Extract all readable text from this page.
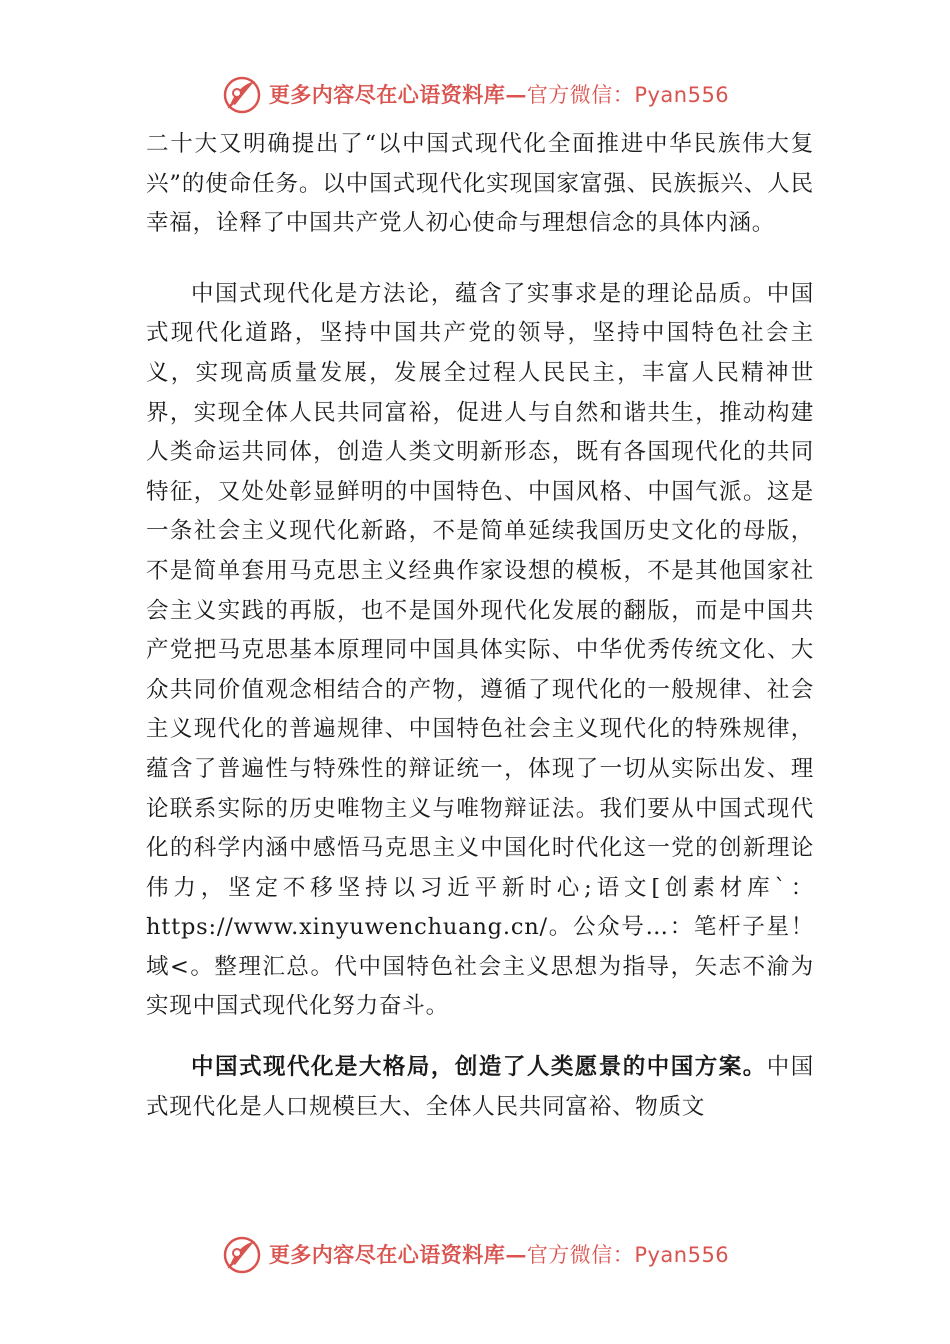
更多内容尽在心语资料库—官方微信：Pyan556

二十大又明确提出了“以中国式现代化全面推进中华民族伟大复兴”的使命任务。以中国式现代化实现国家富强、民族振兴、人民幸福，诠释了中国共产党人初心使命与理想信念的具体内涵。

中国式现代化是方法论，蕴含了实事求是的理论品质。中国式现代化道路，坚持中国共产党的领导，坚持中国特色社会主义，实现高质量发展，发展全过程人民民主，丰富人民精神世界，实现全体人民共同富裕，促进人与自然和谐共生，推动构建人类命运共同体，创造人类文明新形态，既有各国现代化的共同特征，又处处彰显鲜明的中国特色、中国风格、中国气派。这是一条社会主义现代化新路，不是简单延续我国历史文化的母版，不是简单套用马克思主义经典作家设想的模板，不是其他国家社会主义实践的再版，也不是国外现代化发展的翻版，而是中国共产党把马克思基本原理同中国具体实际、中华优秀传统文化、大众共同价值观念相结合的产物，遵循了现代化的一般规律、社会主义现代化的普遍规律、中国特色社会主义现代化的特殊规律，蕴含了普遍性与特殊性的辩证统一，体现了一切从实际出发、理论联系实际的历史唯物主义与唯物辩证法。我们要从中国式现代化的科学内涵中感悟马克思主义中国化时代化这一党的创新理论伟力，坚定不移坚持以习近平新时心;语文[创素材库`：https://www.xinyuwenchuang.cn/。公众号…：笔杆子星！域<。整理汇总。代中国特色社会主义思想为指导，矢志不渝为实现中国式现代化努力奋斗。

中国式现代化是大格局，创造了人类愿景的中国方案。中国式现代化是人口规模巨大、全体人民共同富裕、物质文

更多内容尽在心语资料库—官方微信：Pyan556
